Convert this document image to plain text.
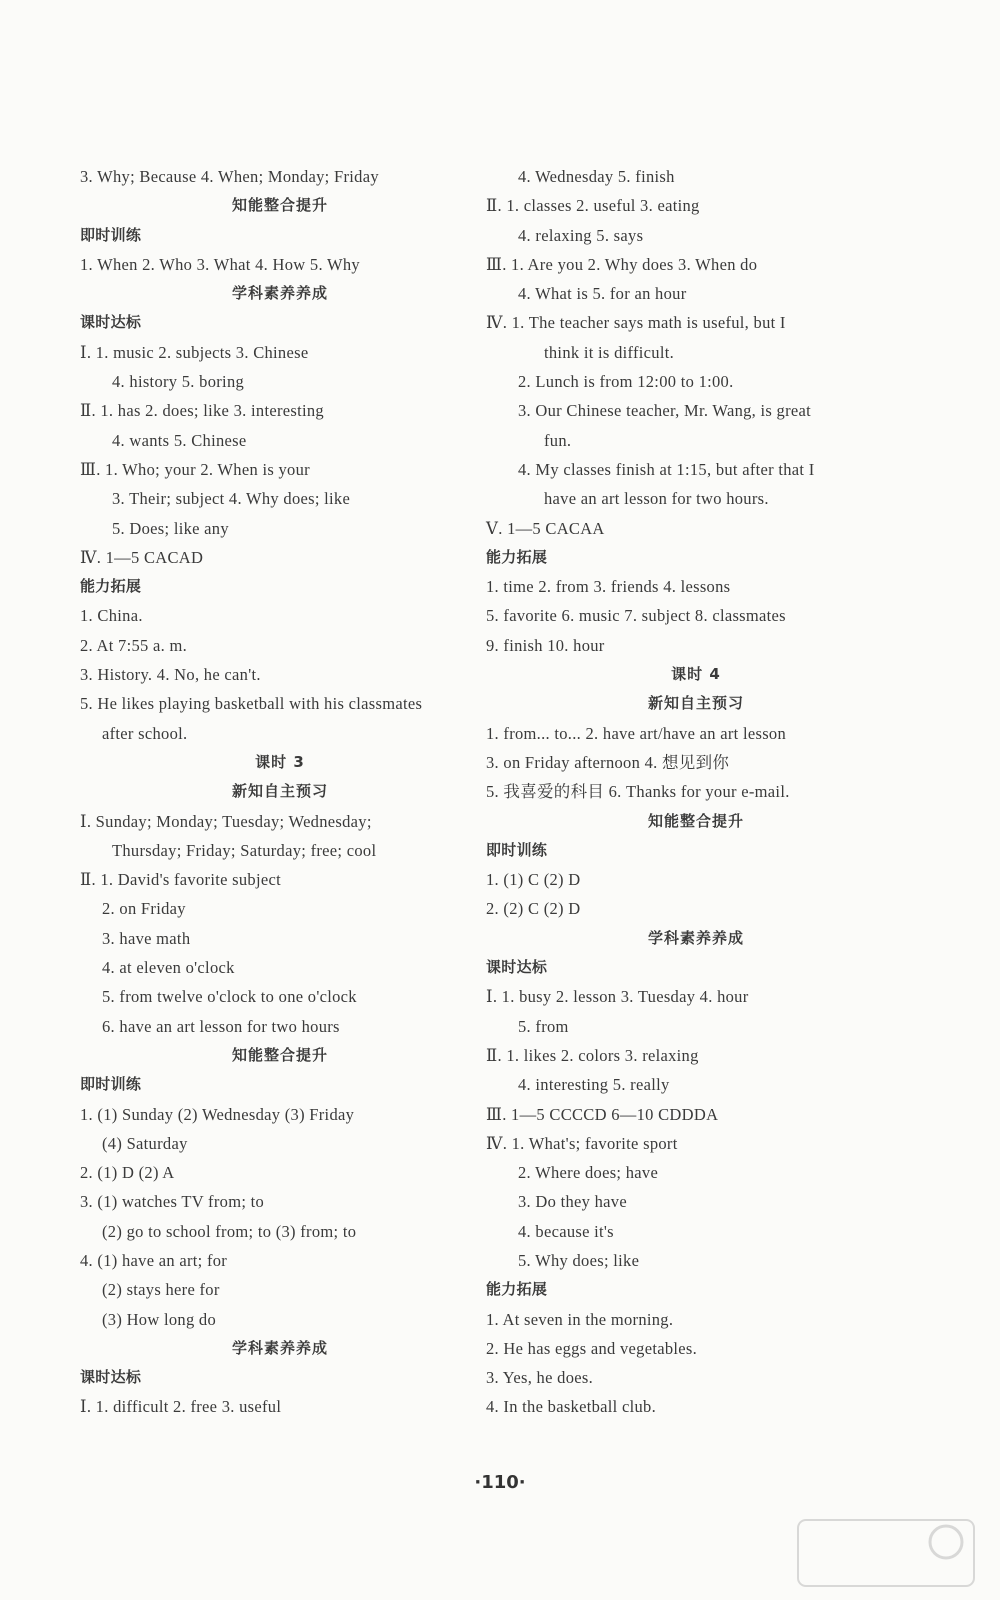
3. Why; Because 4. When; Monday; Friday
知能整合提升
即时训练
1. When 2. Who 3. What 4. How 5. Why
学科素养养成
课时达标
Ⅰ. 1. music 2. subjects 3. Chinese
4. history 5. boring
Ⅱ. 1. has 2. does; like 3. interesting
4. wants 5. Chinese
Ⅲ. 1. Who; your 2. When is your
3. Their; subject 4. Why does; like
5. Does; like any
Ⅳ. 1—5 CACAD
能力拓展
1. China.
2. At 7:55 a. m.
3. History. 4. No, he can't.
5. He likes playing basketball with his classmates
after school.
课时 3
新知自主预习
Ⅰ. Sunday; Monday; Tuesday; Wednesday;
Thursday; Friday; Saturday; free; cool
Ⅱ. 1. David's favorite subject
2. on Friday
3. have math
4. at eleven o'clock
5. from twelve o'clock to one o'clock
6. have an art lesson for two hours
知能整合提升
即时训练
1. (1) Sunday (2) Wednesday (3) Friday
(4) Saturday
2. (1) D (2) A
3. (1) watches TV from; to
(2) go to school from; to (3) from; to
4. (1) have an art; for
(2) stays here for
(3) How long do
学科素养养成
课时达标
Ⅰ. 1. difficult 2. free 3. useful
4. Wednesday 5. finish
Ⅱ. 1. classes 2. useful 3. eating
4. relaxing 5. says
Ⅲ. 1. Are you 2. Why does 3. When do
4. What is 5. for an hour
Ⅳ. 1. The teacher says math is useful, but I
think it is difficult.
2. Lunch is from 12:00 to 1:00.
3. Our Chinese teacher, Mr. Wang, is great
fun.
4. My classes finish at 1:15, but after that I
have an art lesson for two hours.
Ⅴ. 1—5 CACAA
能力拓展
1. time 2. from 3. friends 4. lessons
5. favorite 6. music 7. subject 8. classmates
9. finish 10. hour
课时 4
新知自主预习
1. from... to... 2. have art/have an art lesson
3. on Friday afternoon 4. 想见到你
5. 我喜爱的科目 6. Thanks for your e-mail.
知能整合提升
即时训练
1. (1) C (2) D
2. (2) C (2) D
学科素养养成
课时达标
Ⅰ. 1. busy 2. lesson 3. Tuesday 4. hour
5. from
Ⅱ. 1. likes 2. colors 3. relaxing
4. interesting 5. really
Ⅲ. 1—5 CCCCD 6—10 CDDDA
Ⅳ. 1. What's; favorite sport
2. Where does; have
3. Do they have
4. because it's
5. Why does; like
能力拓展
1. At seven in the morning.
2. He has eggs and vegetables.
3. Yes, he does.
4. In the basketball club.
·110·
